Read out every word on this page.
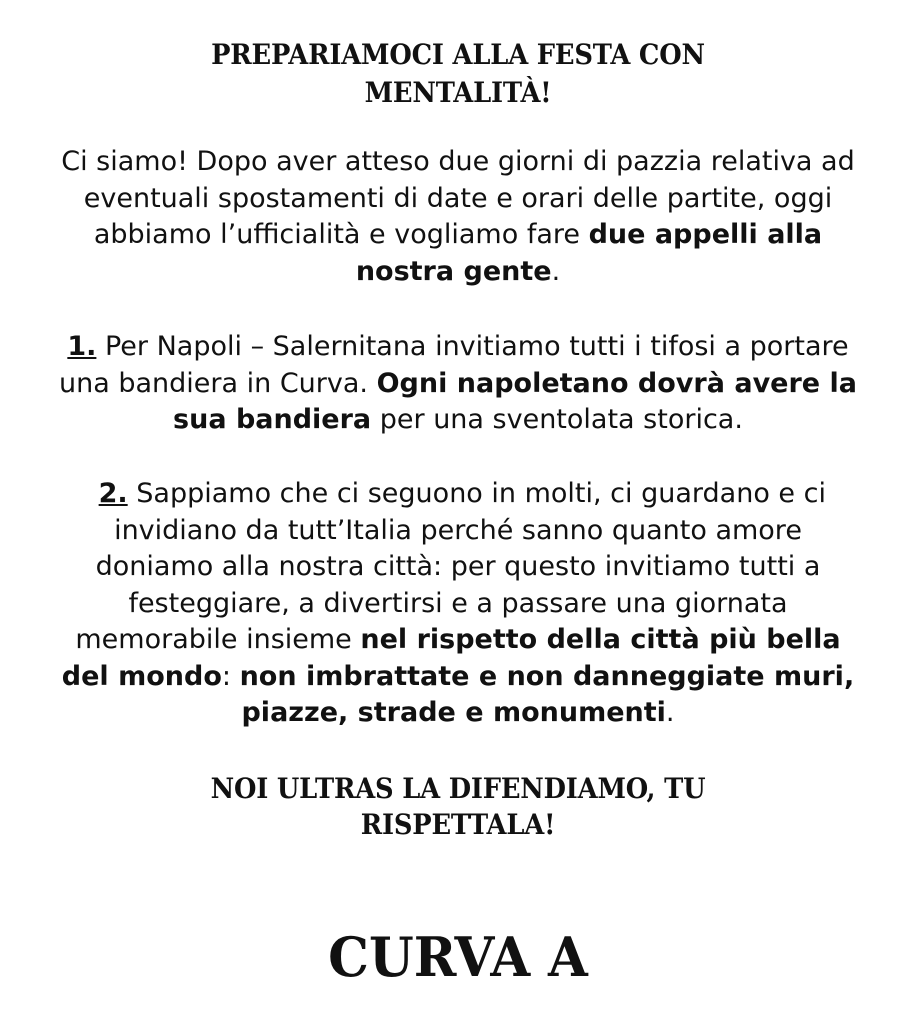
PREPARIAMOCI ALLA FESTA CON
MENTALITÀ!

Ci siamo! Dopo aver atteso due giorni di pazzia relativa ad eventuali spostamenti di date e orari delle partite, oggi abbiamo l’ufficialità e vogliamo fare due appelli alla nostra gente.

1. Per Napoli – Salernitana invitiamo tutti i tifosi a portare una bandiera in Curva. Ogni napoletano dovrà avere la sua bandiera per una sventolata storica.

2. Sappiamo che ci seguono in molti, ci guardano e ci invidiano da tutt’Italia perché sanno quanto amore doniamo alla nostra città: per questo invitiamo tutti a festeggiare, a divertirsi e a passare una giornata memorabile insieme nel rispetto della città più bella del mondo: non imbrattate e non danneggiate muri, piazze, strade e monumenti.

NOI ULTRAS LA DIFENDIAMO, TU
RISPETTALA!
CURVA A
